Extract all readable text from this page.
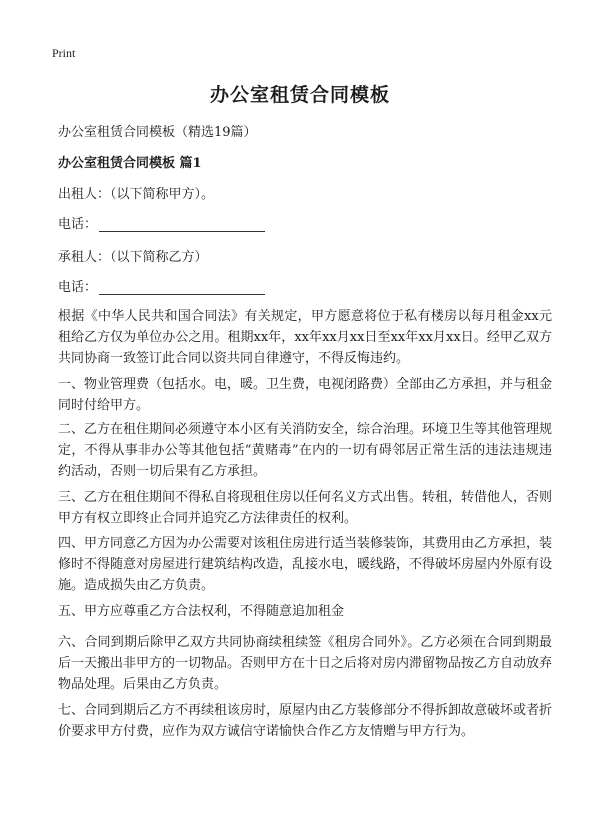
Print
办公室租赁合同模板

办公室租赁合同模板（精选19篇）

办公室租赁合同模板 篇1

出租人：（以下简称甲方）。

电话：

承租人：（以下简称乙方）

电话：

根据《中华人民共和国合同法》有关规定，甲方愿意将位于私有楼房以每月租金xx元租给乙方仅为单位办公之用。租期xx年，xx年xx月xx日至xx年xx月xx日。经甲乙双方共同协商一致签订此合同以资共同自律遵守，不得反悔违约。

一、物业管理费（包括水。电，暖。卫生费，电视闭路费）全部由乙方承担，并与租金同时付给甲方。

二、乙方在租住期间必须遵守本小区有关消防安全，综合治理。环境卫生等其他管理规定，不得从事非办公等其他包括“黄赌毒”在内的一切有碍邻居正常生活的违法违规违约活动，否则一切后果有乙方承担。

三、乙方在租住期间不得私自将现租住房以任何名义方式出售。转租，转借他人，否则甲方有权立即终止合同并追究乙方法律责任的权利。

四、甲方同意乙方因为办公需要对该租住房进行适当装修装饰，其费用由乙方承担，装修时不得随意对房屋进行建筑结构改造，乱接水电，暖线路，不得破坏房屋内外原有设施。造成损失由乙方负责。

五、甲方应尊重乙方合法权利，不得随意追加租金

六、合同到期后除甲乙双方共同协商续租续签《租房合同外》。乙方必须在合同到期最后一天搬出非甲方的一切物品。否则甲方在十日之后将对房内滞留物品按乙方自动放弃物品处理。后果由乙方负责。

七、合同到期后乙方不再续租该房时，原屋内由乙方装修部分不得拆卸故意破坏或者折价要求甲方付费，应作为双方诚信守诺愉快合作乙方友情赠与甲方行为。
